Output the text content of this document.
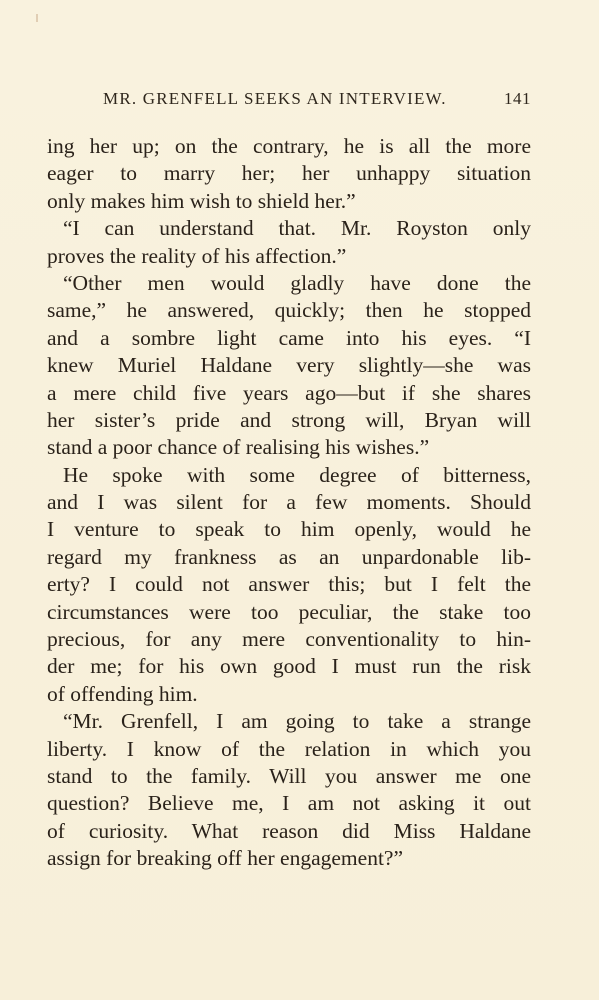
MR. GRENFELL SEEKS AN INTERVIEW.	141
ing her up; on the contrary, he is all the more
eager to marry her; her unhappy situation
only makes him wish to shield her.”
“I can understand that. Mr. Royston only
proves the reality of his affection.”
“Other men would gladly have done the
same,” he answered, quickly; then he stopped
and a sombre light came into his eyes. “I
knew Muriel Haldane very slightly—she was
a mere child five years ago—but if she shares
her sister’s pride and strong will, Bryan will
stand a poor chance of realising his wishes.”
He spoke with some degree of bitterness,
and I was silent for a few moments. Should
I venture to speak to him openly, would he
regard my frankness as an unpardonable lib-
erty? I could not answer this; but I felt the
circumstances were too peculiar, the stake too
precious, for any mere conventionality to hin-
der me; for his own good I must run the risk
of offending him.
“Mr. Grenfell, I am going to take a strange
liberty. I know of the relation in which you
stand to the family. Will you answer me one
question? Believe me, I am not asking it out
of curiosity. What reason did Miss Haldane
assign for breaking off her engagement?”
